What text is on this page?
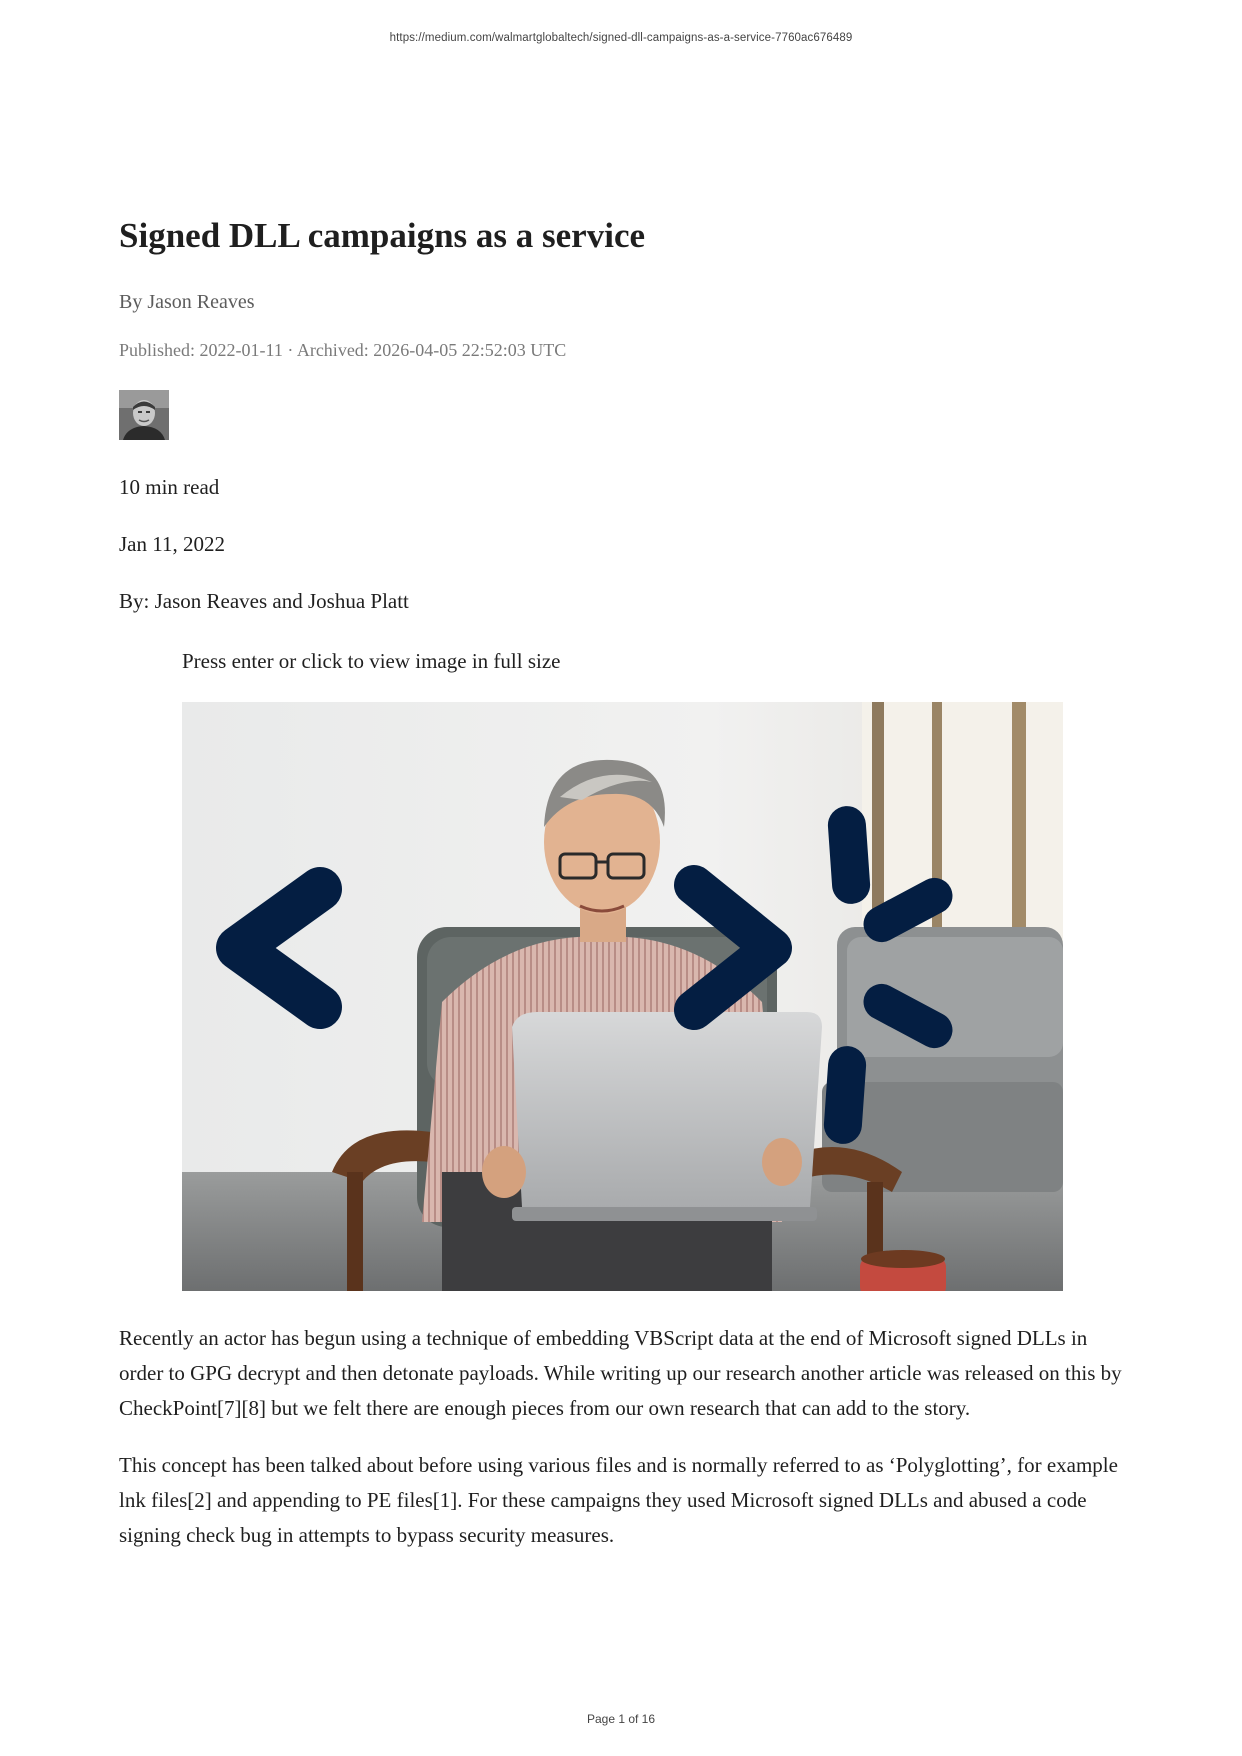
https://medium.com/walmartglobaltech/signed-dll-campaigns-as-a-service-7760ac676489
Signed DLL campaigns as a service
By Jason Reaves
Published: 2022-01-11 · Archived: 2026-04-05 22:52:03 UTC
10 min read
Jan 11, 2022
By: Jason Reaves and Joshua Platt
Press enter or click to view image in full size

Recently an actor has begun using a technique of embedding VBScript data at the end of Microsoft signed DLLs in order to GPG decrypt and then detonate payloads. While writing up our research another article was released on this by CheckPoint[7][8] but we felt there are enough pieces from our own research that can add to the story.

This concept has been talked about before using various files and is normally referred to as ‘Polyglotting’, for example lnk files[2] and appending to PE files[1]. For these campaigns they used Microsoft signed DLLs and abused a code signing check bug in attempts to bypass security measures.

Page 1 of 16
